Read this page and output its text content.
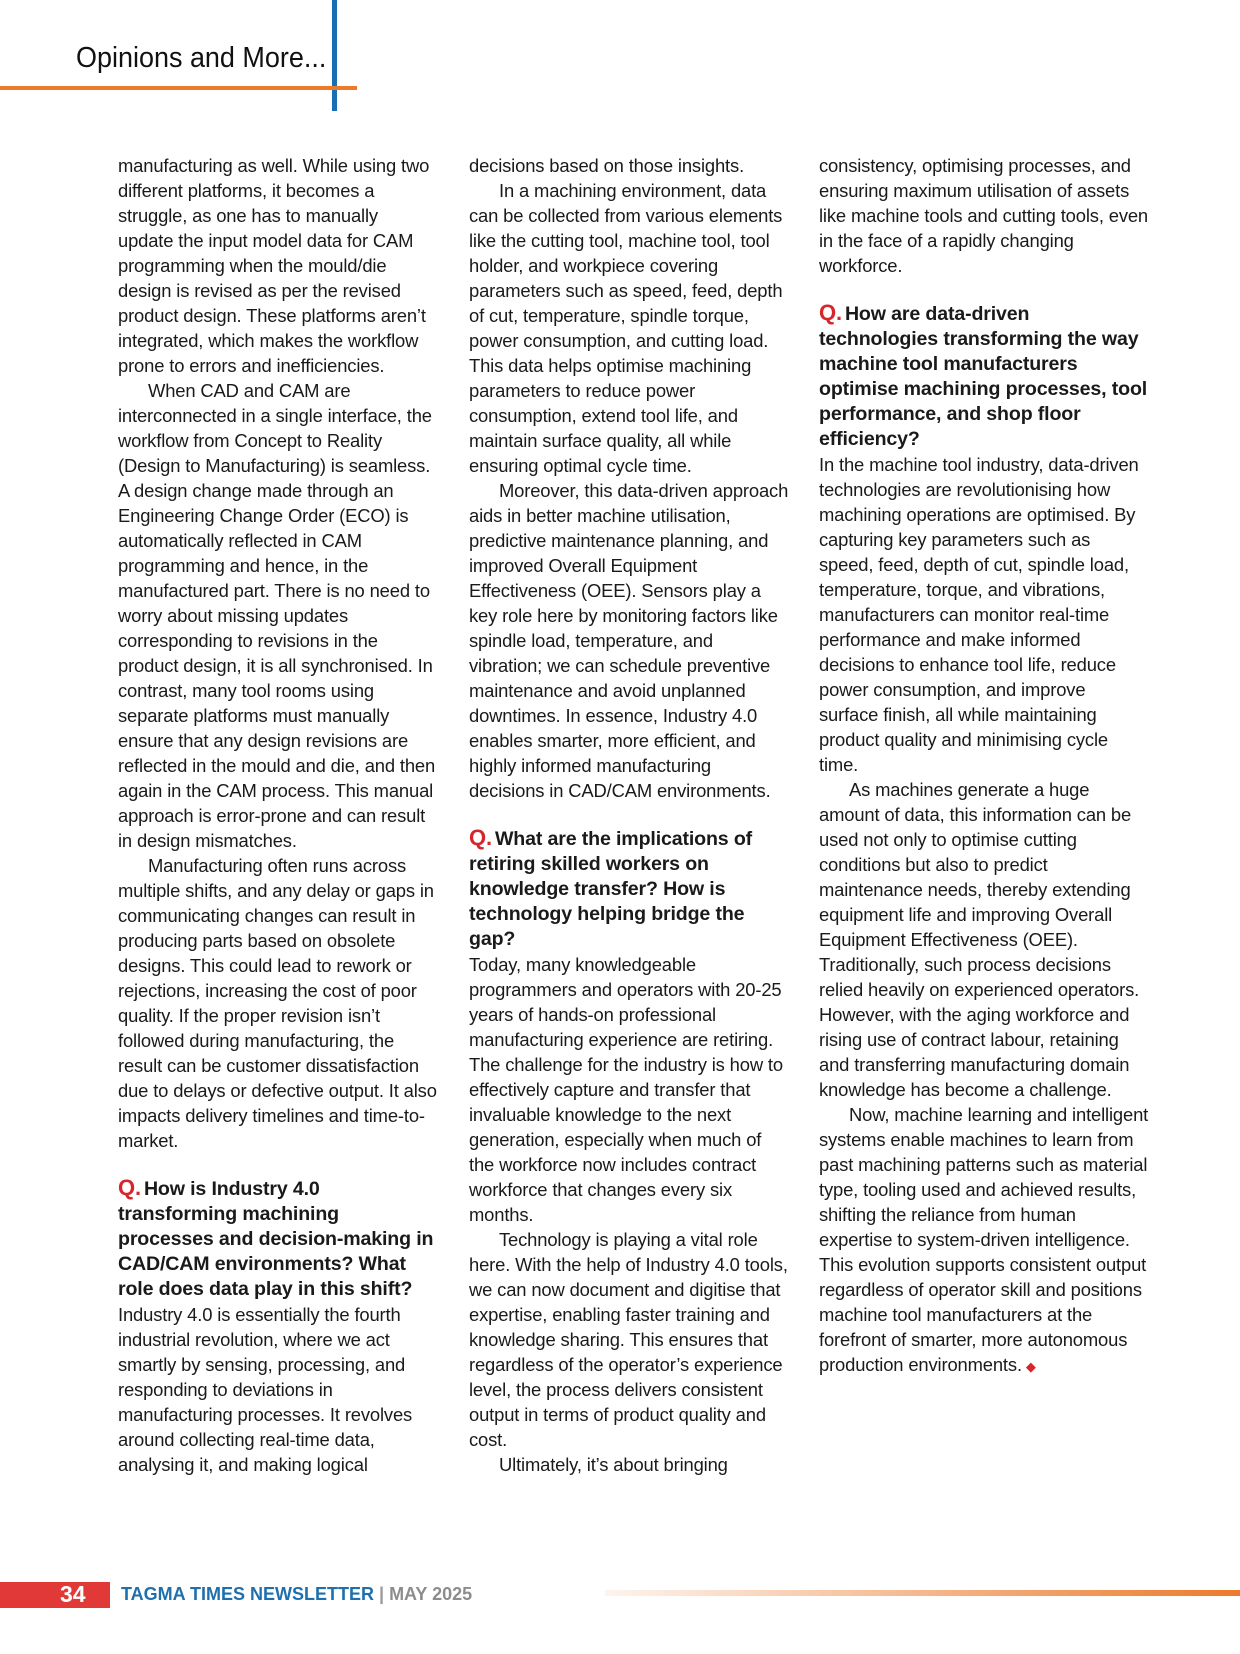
Opinions and More...

manufacturing as well. While using two different platforms, it becomes a struggle, as one has to manually update the input model data for CAM programming when the mould/die design is revised as per the revised product design. These platforms aren’t integrated, which makes the workflow prone to errors and inefficiencies.

When CAD and CAM are interconnected in a single interface, the workflow from Concept to Reality (Design to Manufacturing) is seamless. A design change made through an Engineering Change Order (ECO) is automatically reflected in CAM programming and hence, in the manufactured part. There is no need to worry about missing updates corresponding to revisions in the product design, it is all synchronised. In contrast, many tool rooms using separate platforms must manually ensure that any design revisions are reflected in the mould and die, and then again in the CAM process. This manual approach is error-prone and can result in design mismatches.

Manufacturing often runs across multiple shifts, and any delay or gaps in communicating changes can result in producing parts based on obsolete designs. This could lead to rework or rejections, increasing the cost of poor quality. If the proper revision isn’t followed during manufacturing, the result can be customer dissatisfaction due to delays or defective output. It also impacts delivery timelines and time-to-market.

Q. How is Industry 4.0 transforming machining processes and decision-making in CAD/CAM environments? What role does data play in this shift?

Industry 4.0 is essentially the fourth industrial revolution, where we act smartly by sensing, processing, and responding to deviations in manufacturing processes. It revolves around collecting real-time data, analysing it, and making logical

decisions based on those insights.

In a machining environment, data can be collected from various elements like the cutting tool, machine tool, tool holder, and workpiece covering parameters such as speed, feed, depth of cut, temperature, spindle torque, power consumption, and cutting load. This data helps optimise machining parameters to reduce power consumption, extend tool life, and maintain surface quality, all while ensuring optimal cycle time.

Moreover, this data-driven approach aids in better machine utilisation, predictive maintenance planning, and improved Overall Equipment Effectiveness (OEE). Sensors play a key role here by monitoring factors like spindle load, temperature, and vibration; we can schedule preventive maintenance and avoid unplanned downtimes. In essence, Industry 4.0 enables smarter, more efficient, and highly informed manufacturing decisions in CAD/CAM environments.

Q. What are the implications of retiring skilled workers on knowledge transfer? How is technology helping bridge the gap?

Today, many knowledgeable programmers and operators with 20-25 years of hands-on professional manufacturing experience are retiring. The challenge for the industry is how to effectively capture and transfer that invaluable knowledge to the next generation, especially when much of the workforce now includes contract workforce that changes every six months.

Technology is playing a vital role here. With the help of Industry 4.0 tools, we can now document and digitise that expertise, enabling faster training and knowledge sharing. This ensures that regardless of the operator’s experience level, the process delivers consistent output in terms of product quality and cost.

Ultimately, it’s about bringing

consistency, optimising processes, and ensuring maximum utilisation of assets like machine tools and cutting tools, even in the face of a rapidly changing workforce.

Q. How are data-driven technologies transforming the way machine tool manufacturers optimise machining processes, tool performance, and shop floor efficiency?

In the machine tool industry, data-driven technologies are revolutionising how machining operations are optimised. By capturing key parameters such as speed, feed, depth of cut, spindle load, temperature, torque, and vibrations, manufacturers can monitor real-time performance and make informed decisions to enhance tool life, reduce power consumption, and improve surface finish, all while maintaining product quality and minimising cycle time.

As machines generate a huge amount of data, this information can be used not only to optimise cutting conditions but also to predict maintenance needs, thereby extending equipment life and improving Overall Equipment Effectiveness (OEE). Traditionally, such process decisions relied heavily on experienced operators. However, with the aging workforce and rising use of contract labour, retaining and transferring manufacturing domain knowledge has become a challenge.

Now, machine learning and intelligent systems enable machines to learn from past machining patterns such as material type, tooling used and achieved results, shifting the reliance from human expertise to system-driven intelligence. This evolution supports consistent output regardless of operator skill and positions machine tool manufacturers at the forefront of smarter, more autonomous production environments. ◆

34 TAGMA TIMES NEWSLETTER | MAY 2025
